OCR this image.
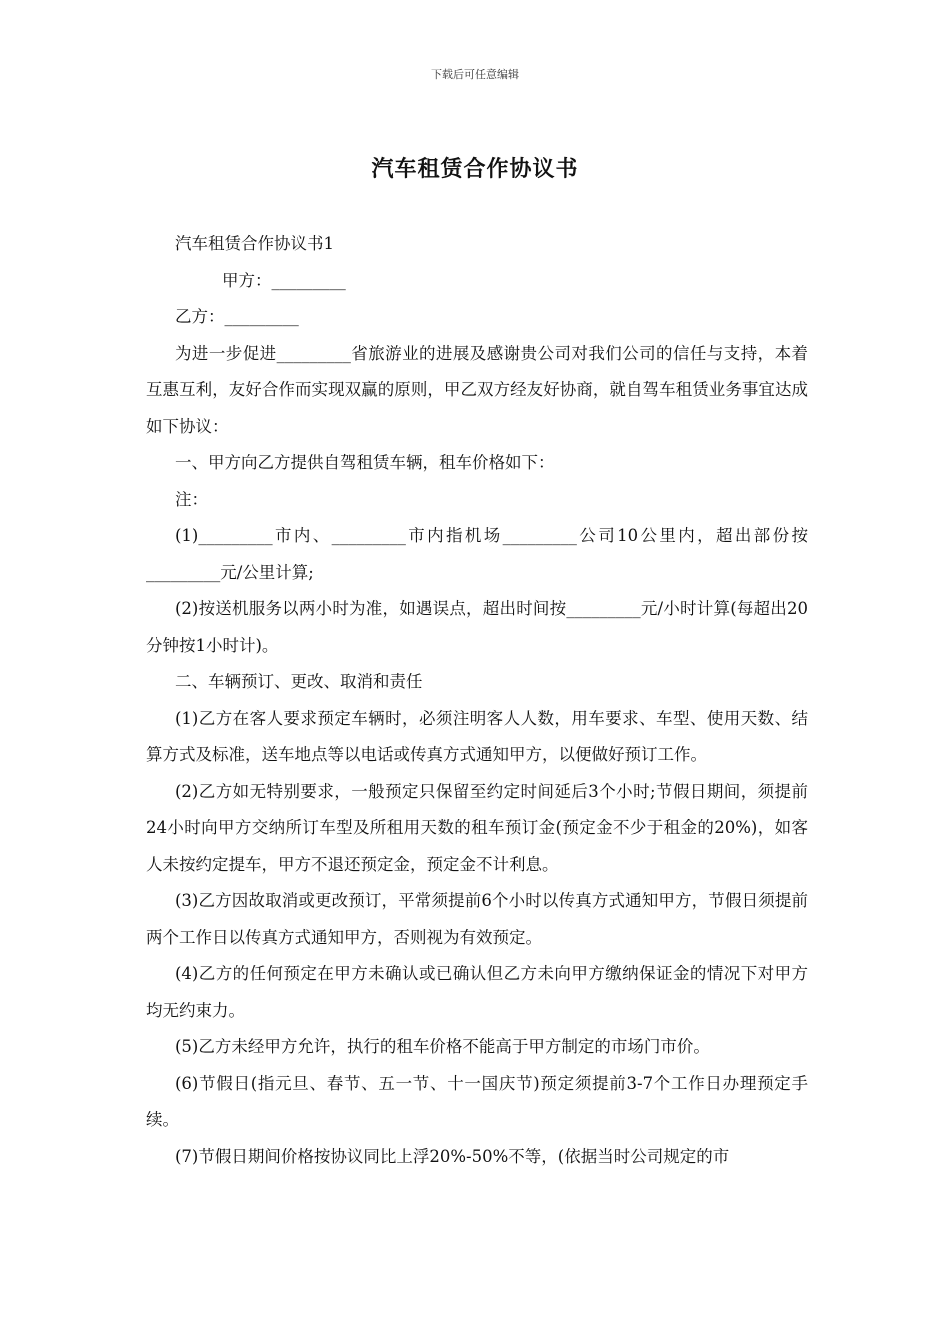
下载后可任意编辑
汽车租赁合作协议书

汽车租赁合作协议书1

甲方：_________

乙方：_________

为进一步促进_________省旅游业的进展及感谢贵公司对我们公司的信任与支持，本着互惠互利，友好合作而实现双赢的原则，甲乙双方经友好协商，就自驾车租赁业务事宜达成如下协议：

一、甲方向乙方提供自驾租赁车辆，租车价格如下：

注：

(1)_________市内、_________市内指机场_________公司10公里内，超出部份按_________元/公里计算;

(2)按送机服务以两小时为准，如遇误点，超出时间按_________元/小时计算(每超出20分钟按1小时计)。

二、车辆预订、更改、取消和责任

(1)乙方在客人要求预定车辆时，必须注明客人人数，用车要求、车型、使用天数、结算方式及标准，送车地点等以电话或传真方式通知甲方，以便做好预订工作。

(2)乙方如无特别要求，一般预定只保留至约定时间延后3个小时;节假日期间，须提前24小时向甲方交纳所订车型及所租用天数的租车预订金(预定金不少于租金的20%)，如客人未按约定提车，甲方不退还预定金，预定金不计利息。

(3)乙方因故取消或更改预订，平常须提前6个小时以传真方式通知甲方，节假日须提前两个工作日以传真方式通知甲方，否则视为有效预定。

(4)乙方的任何预定在甲方未确认或已确认但乙方未向甲方缴纳保证金的情况下对甲方均无约束力。

(5)乙方未经甲方允许，执行的租车价格不能高于甲方制定的市场门市价。

(6)节假日(指元旦、春节、五一节、十一国庆节)预定须提前3-7个工作日办理预定手续。

(7)节假日期间价格按协议同比上浮20%-50%不等，(依据当时公司规定的市
